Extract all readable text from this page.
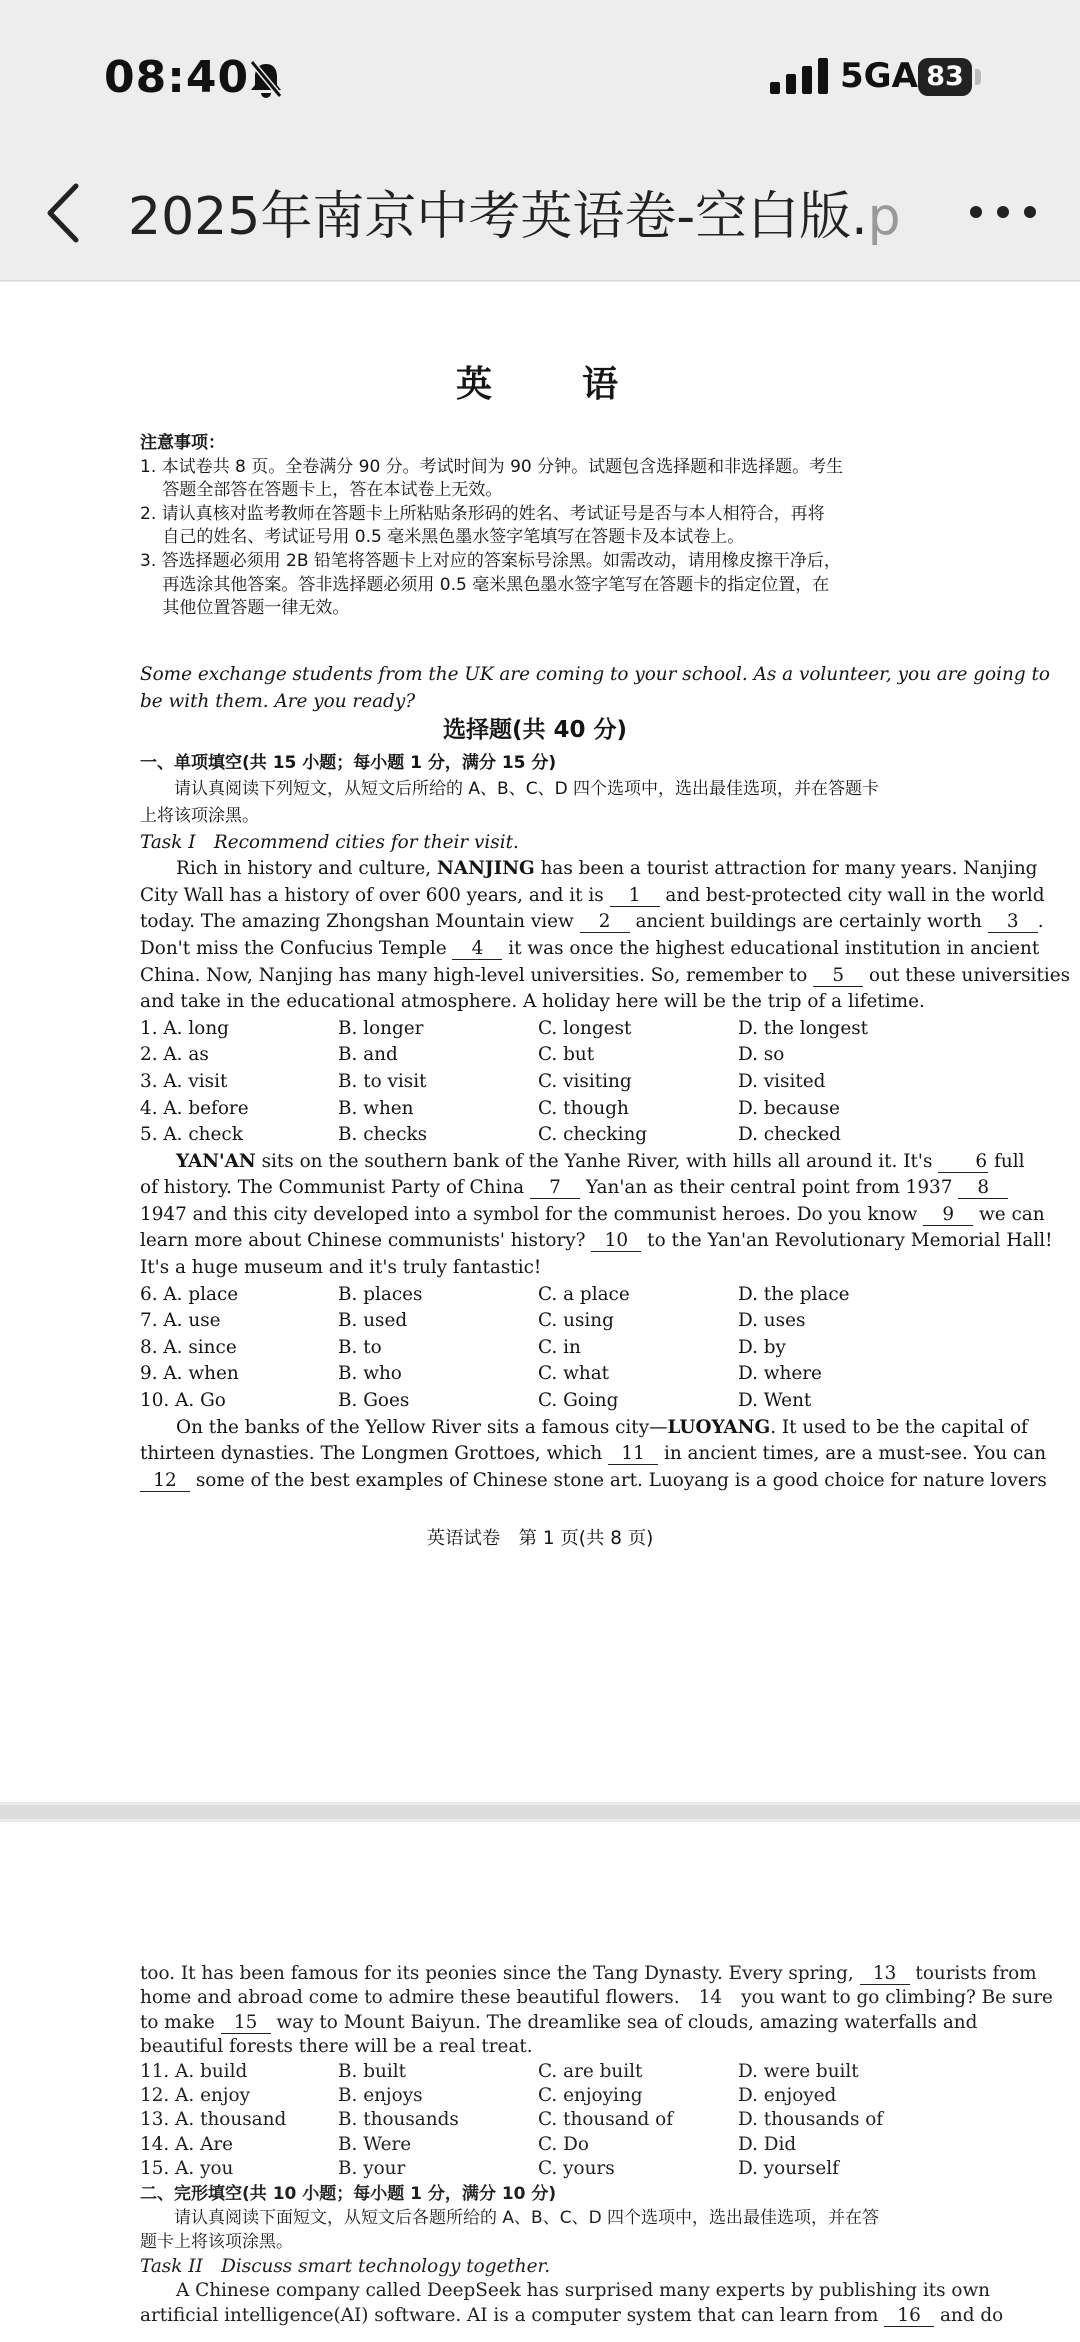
08:40	5GA 83
2025年南京中考英语卷-空白版.p
英　　语
注意事项：
1. 本试卷共 8 页。全卷满分 90 分。考试时间为 90 分钟。试题包含选择题和非选择题。考生
　 答题全部答在答题卡上，答在本试卷上无效。
2. 请认真核对监考教师在答题卡上所粘贴条形码的姓名、考试证号是否与本人相符合，再将
　 自己的姓名、考试证号用 0.5 毫米黑色墨水签字笔填写在答题卡及本试卷上。
3. 答选择题必须用 2B 铅笔将答题卡上对应的答案标号涂黑。如需改动，请用橡皮擦干净后，
　 再选涂其他答案。答非选择题必须用 0.5 毫米黑色墨水签字笔写在答题卡的指定位置，在
　 其他位置答题一律无效。
Some exchange students from the UK are coming to your school. As a volunteer, you are going to
be with them. Are you ready?
选择题(共 40 分)
一、单项填空(共 15 小题；每小题 1 分，满分 15 分)
　　请认真阅读下列短文，从短文后所给的 A、B、C、D 四个选项中，选出最佳选项，并在答题卡
上将该项涂黑。
Task I　Recommend cities for their visit.
Rich in history and culture, NANJING has been a tourist attraction for many years. Nanjing
City Wall has a history of over 600 years, and it is 1 and best-protected city wall in the world
today. The amazing Zhongshan Mountain view 2 ancient buildings are certainly worth 3 .
Don't miss the Confucius Temple 4 it was once the highest educational institution in ancient
China. Now, Nanjing has many high-level universities. So, remember to 5 out these universities
and take in the educational atmosphere. A holiday here will be the trip of a lifetime.
1. A. long	B. longer	C. longest	D. the longest
2. A. as	B. and	C. but	D. so
3. A. visit	B. to visit	C. visiting	D. visited
4. A. before	B. when	C. though	D. because
5. A. check	B. checks	C. checking	D. checked
YAN'AN sits on the southern bank of the Yanhe River, with hills all around it. It's 6 full
of history. The Communist Party of China 7 Yan'an as their central point from 1937 8
1947 and this city developed into a symbol for the communist heroes. Do you know 9 we can
learn more about Chinese communists' history? 10 to the Yan'an Revolutionary Memorial Hall!
It's a huge museum and it's truly fantastic!
6. A. place	B. places	C. a place	D. the place
7. A. use	B. used	C. using	D. uses
8. A. since	B. to	C. in	D. by
9. A. when	B. who	C. what	D. where
10. A. Go	B. Goes	C. Going	D. Went
On the banks of the Yellow River sits a famous city—LUOYANG. It used to be the capital of
thirteen dynasties. The Longmen Grottoes, which 11 in ancient times, are a must-see. You can
12 some of the best examples of Chinese stone art. Luoyang is a good choice for nature lovers
英语试卷　第 1 页(共 8 页)
too. It has been famous for its peonies since the Tang Dynasty. Every spring, 13 tourists from
home and abroad come to admire these beautiful flowers. 14 you want to go climbing? Be sure
to make 15 way to Mount Baiyun. The dreamlike sea of clouds, amazing waterfalls and
beautiful forests there will be a real treat.
11. A. build	B. built	C. are built	D. were built
12. A. enjoy	B. enjoys	C. enjoying	D. enjoyed
13. A. thousand	B. thousands	C. thousand of	D. thousands of
14. A. Are	B. Were	C. Do	D. Did
15. A. you	B. your	C. yours	D. yourself
二、完形填空(共 10 小题；每小题 1 分，满分 10 分)
　　请认真阅读下面短文，从短文后各题所给的 A、B、C、D 四个选项中，选出最佳选项，并在答
题卡上将该项涂黑。
Task II　Discuss smart technology together.
A Chinese company called DeepSeek has surprised many experts by publishing its own
artificial intelligence(AI) software. AI is a computer system that can learn from 16 and do
